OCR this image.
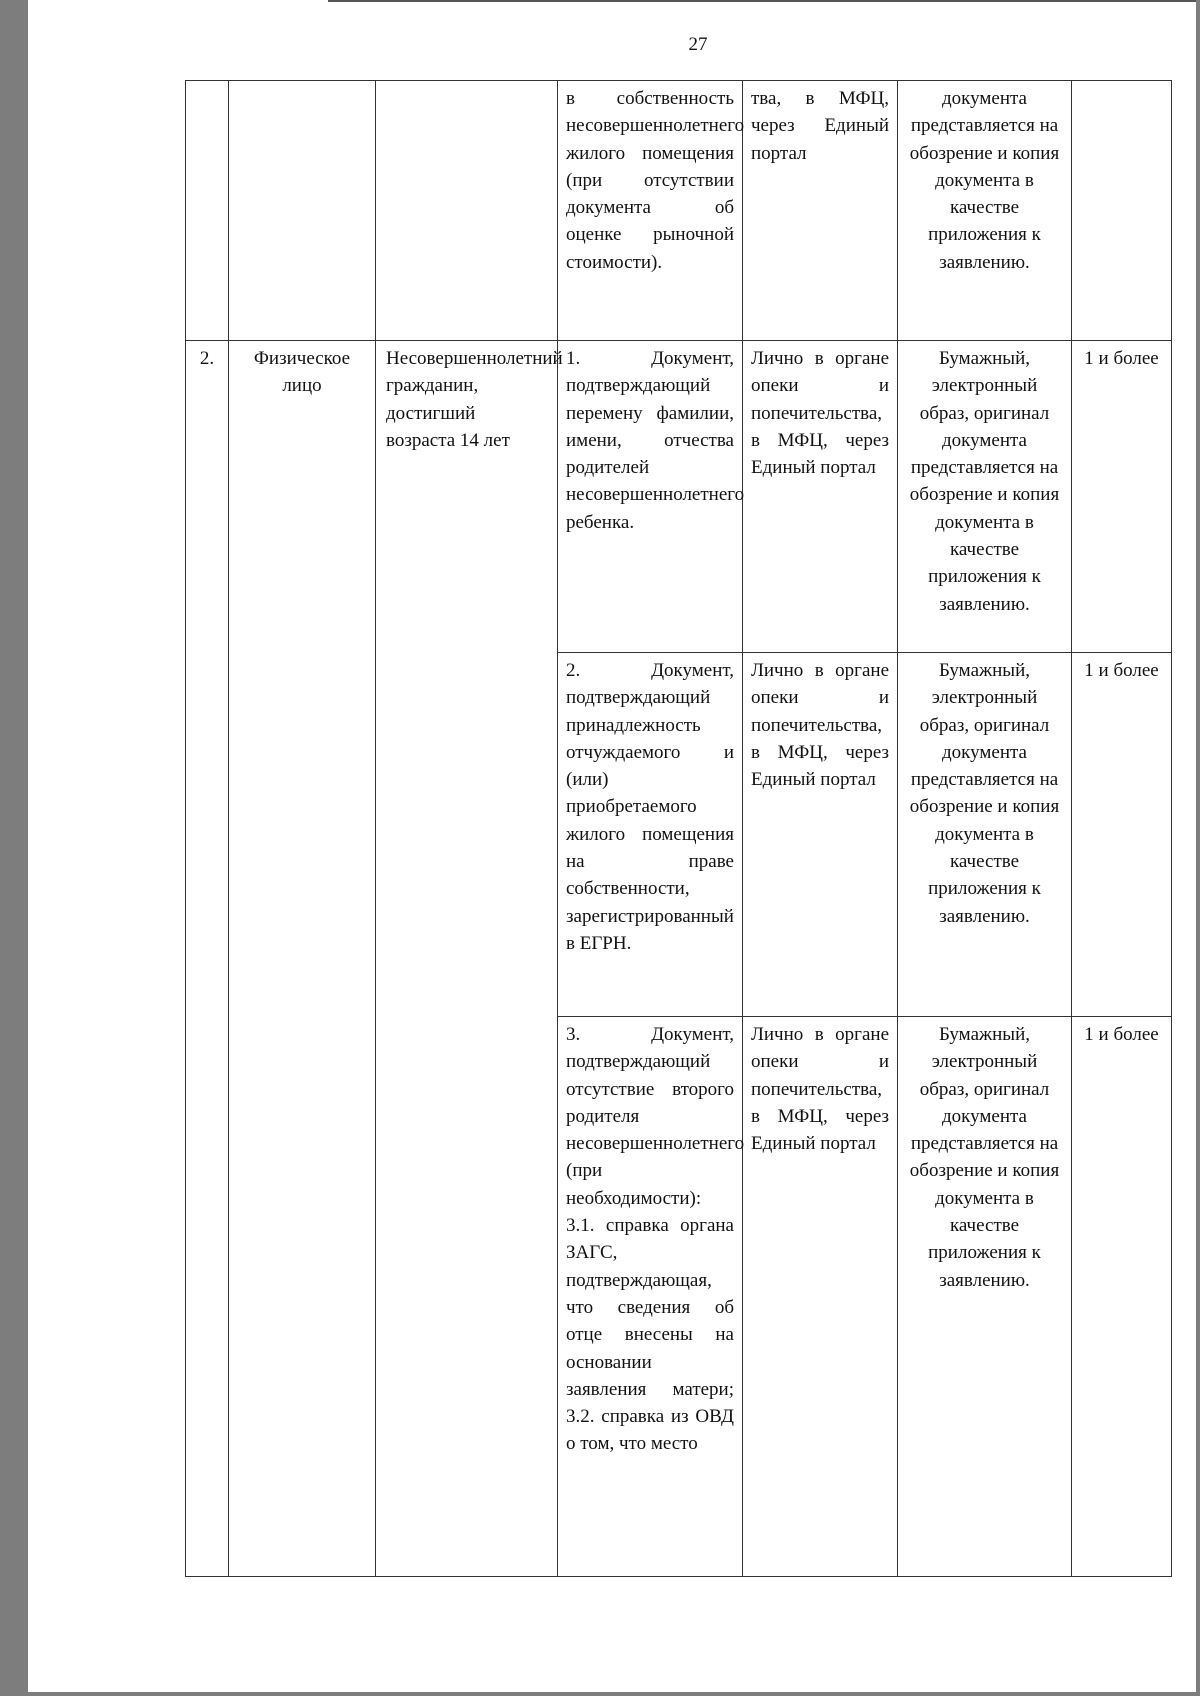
27
			в собственность несовершеннолетнего жилого помещения (при отсутствии документа об оценке рыночной стоимости).	тва, в МФЦ, через Единый портал	документа представляется на обозрение и копия документа в качестве приложения к заявлению.	
2.	Физическое лицо	Несовершеннолетний гражданин, достигший возраста 14 лет	1. Документ, подтверждающий перемену фамилии, имени, отчества родителей несовершеннолетнего ребенка.	Лично в органе опеки и попечительства, в МФЦ, через Единый портал	Бумажный, электронный образ, оригинал документа представляется на обозрение и копия документа в качестве приложения к заявлению.	1 и более
			2. Документ, подтверждающий принадлежность отчуждаемого и (или) приобретаемого жилого помещения на праве собственности, зарегистрированный в ЕГРН.	Лично в органе опеки и попечительства, в МФЦ, через Единый портал	Бумажный, электронный образ, оригинал документа представляется на обозрение и копия документа в качестве приложения к заявлению.	1 и более
			3. Документ, подтверждающий отсутствие второго родителя несовершеннолетнего (при необходимости): 3.1. справка органа ЗАГС, подтверждающая, что сведения об отце внесены на основании заявления матери; 3.2. справка из ОВД о том, что место	Лично в органе опеки и попечительства, в МФЦ, через Единый портал	Бумажный, электронный образ, оригинал документа представляется на обозрение и копия документа в качестве приложения к заявлению.	1 и более
